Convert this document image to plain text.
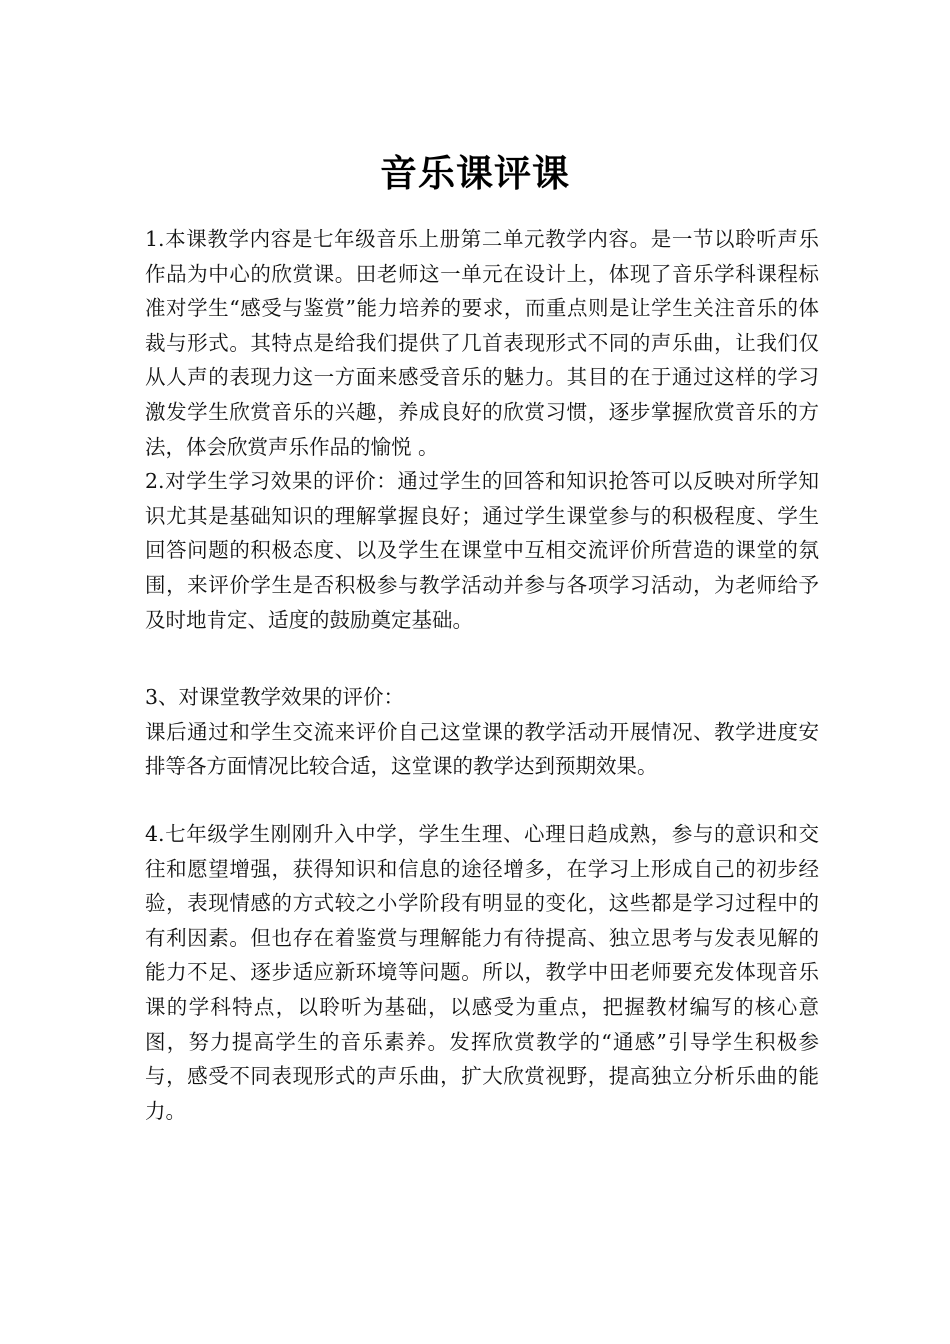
音乐课评课

1.本课教学内容是七年级音乐上册第二单元教学内容。是一节以聆听声乐作品为中心的欣赏课。田老师这一单元在设计上，体现了音乐学科课程标准对学生“感受与鉴赏”能力培养的要求，而重点则是让学生关注音乐的体裁与形式。其特点是给我们提供了几首表现形式不同的声乐曲，让我们仅从人声的表现力这一方面来感受音乐的魅力。其目的在于通过这样的学习激发学生欣赏音乐的兴趣，养成良好的欣赏习惯，逐步掌握欣赏音乐的方法，体会欣赏声乐作品的愉悦 。

2.对学生学习效果的评价：通过学生的回答和知识抢答可以反映对所学知识尤其是基础知识的理解掌握良好；通过学生课堂参与的积极程度、学生回答问题的积极态度、以及学生在课堂中互相交流评价所营造的课堂的氛围，来评价学生是否积极参与教学活动并参与各项学习活动，为老师给予及时地肯定、适度的鼓励奠定基础。

3、对课堂教学效果的评价：

课后通过和学生交流来评价自己这堂课的教学活动开展情况、教学进度安排等各方面情况比较合适，这堂课的教学达到预期效果。

4.七年级学生刚刚升入中学，学生生理、心理日趋成熟，参与的意识和交往和愿望增强，获得知识和信息的途径增多，在学习上形成自己的初步经验，表现情感的方式较之小学阶段有明显的变化，这些都是学习过程中的有利因素。但也存在着鉴赏与理解能力有待提高、独立思考与发表见解的能力不足、逐步适应新环境等问题。所以，教学中田老师要充发体现音乐课的学科特点，以聆听为基础，以感受为重点，把握教材编写的核心意图，努力提高学生的音乐素养。发挥欣赏教学的“通感”引导学生积极参与，感受不同表现形式的声乐曲，扩大欣赏视野，提高独立分析乐曲的能力。
